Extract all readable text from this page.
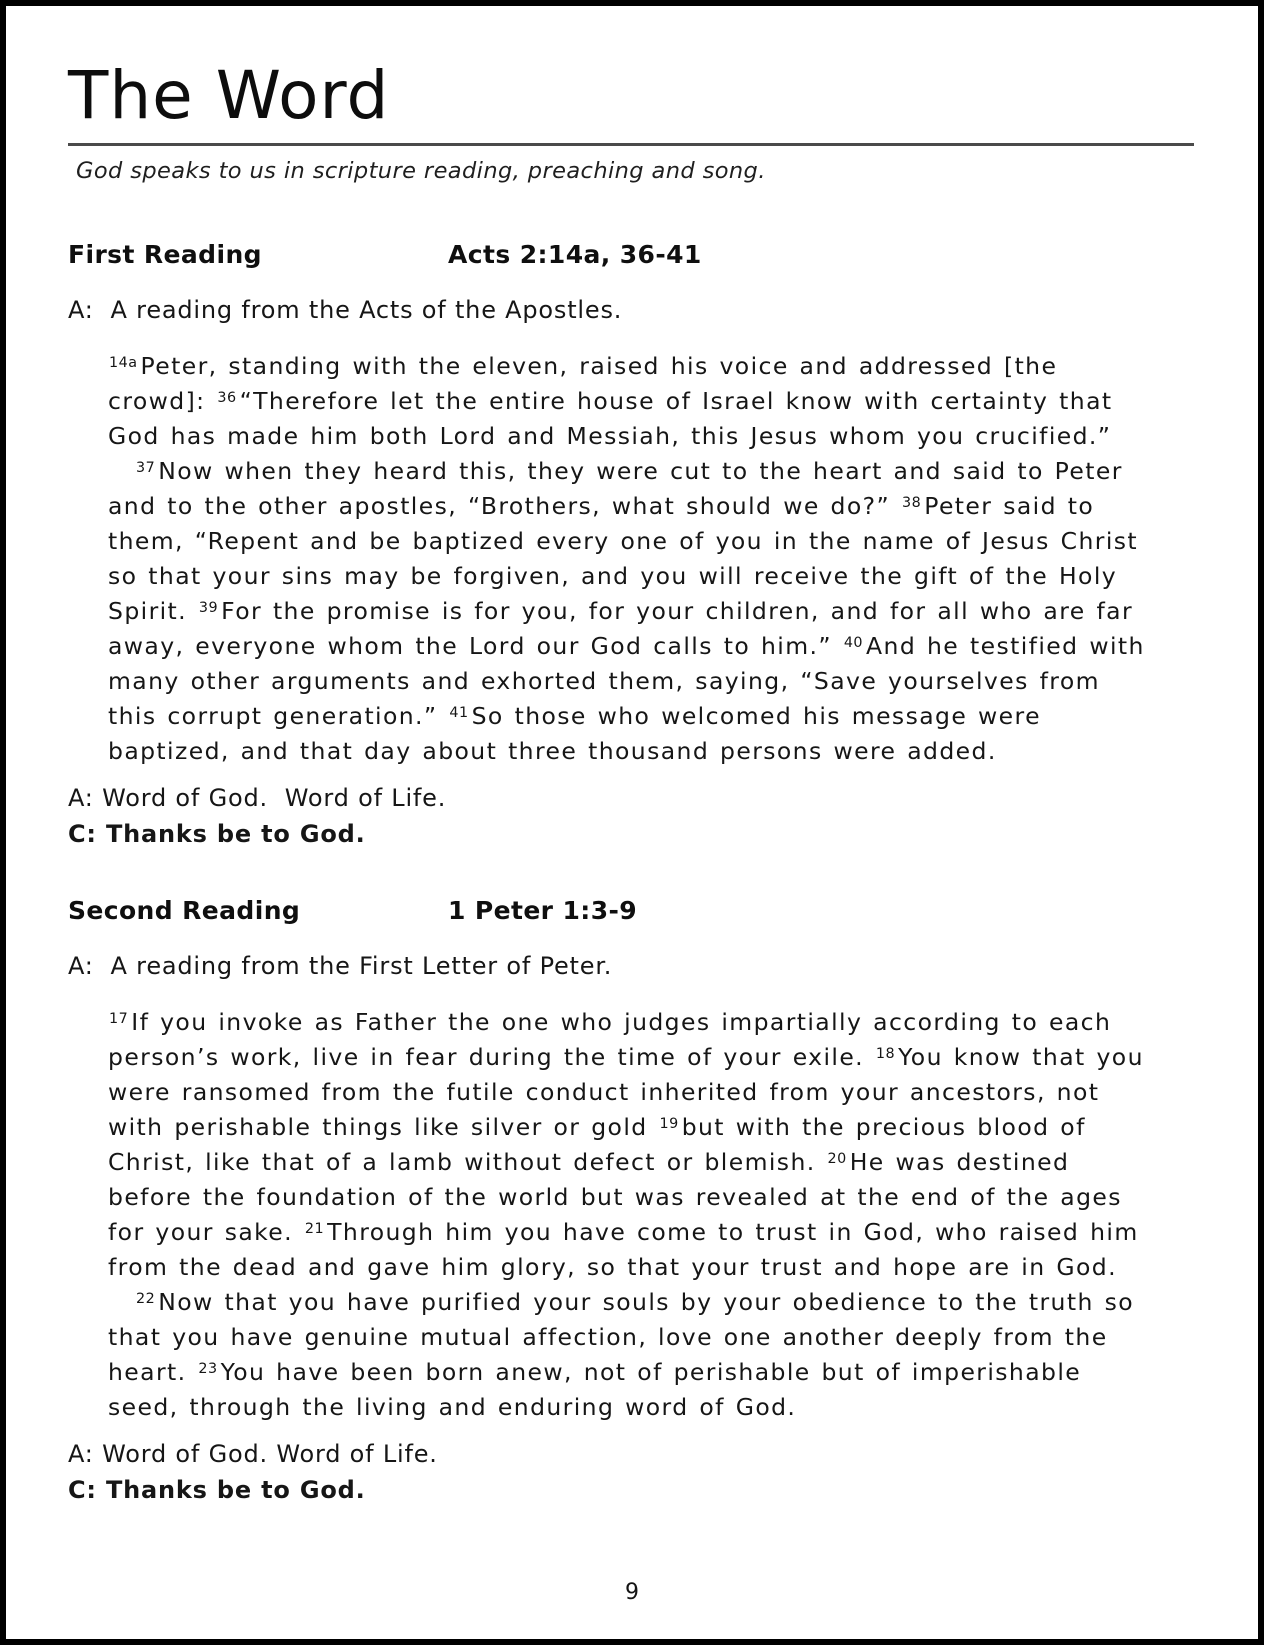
The Word

God speaks to us in scripture reading, preaching and song.

First Reading	Acts 2:14a, 36-41

A:  A reading from the Acts of the Apostles.

$^{14a}$ Peter, standing with the eleven, raised his voice and addressed [the crowd]: $^{36}$ “Therefore let the entire house of Israel know with certainty that God has made him both Lord and Messiah, this Jesus whom you crucified.”

$^{37}$ Now when they heard this, they were cut to the heart and said to Peter and to the other apostles, “Brothers, what should we do?” $^{38}$ Peter said to them, “Repent and be baptized every one of you in the name of Jesus Christ so that your sins may be forgiven, and you will receive the gift of the Holy Spirit. $^{39}$ For the promise is for you, for your children, and for all who are far away, everyone whom the Lord our God calls to him.” $^{40}$ And he testified with many other arguments and exhorted them, saying, “Save yourselves from this corrupt generation.” $^{41}$ So those who welcomed his message were baptized, and that day about three thousand persons were added.

A: Word of God.  Word of Life.

C: Thanks be to God.

Second Reading	1 Peter 1:3-9

A:  A reading from the First Letter of Peter.

$^{17}$ If you invoke as Father the one who judges impartially according to each person’s work, live in fear during the time of your exile. $^{18}$ You know that you were ransomed from the futile conduct inherited from your ancestors, not with perishable things like silver or gold $^{19}$ but with the precious blood of Christ, like that of a lamb without defect or blemish. $^{20}$ He was destined before the foundation of the world but was revealed at the end of the ages for your sake. $^{21}$ Through him you have come to trust in God, who raised him from the dead and gave him glory, so that your trust and hope are in God.

$^{22}$ Now that you have purified your souls by your obedience to the truth so that you have genuine mutual affection, love one another deeply from the heart. $^{23}$ You have been born anew, not of perishable but of imperishable seed, through the living and enduring word of God.

A: Word of God. Word of Life.

C: Thanks be to God.

9
